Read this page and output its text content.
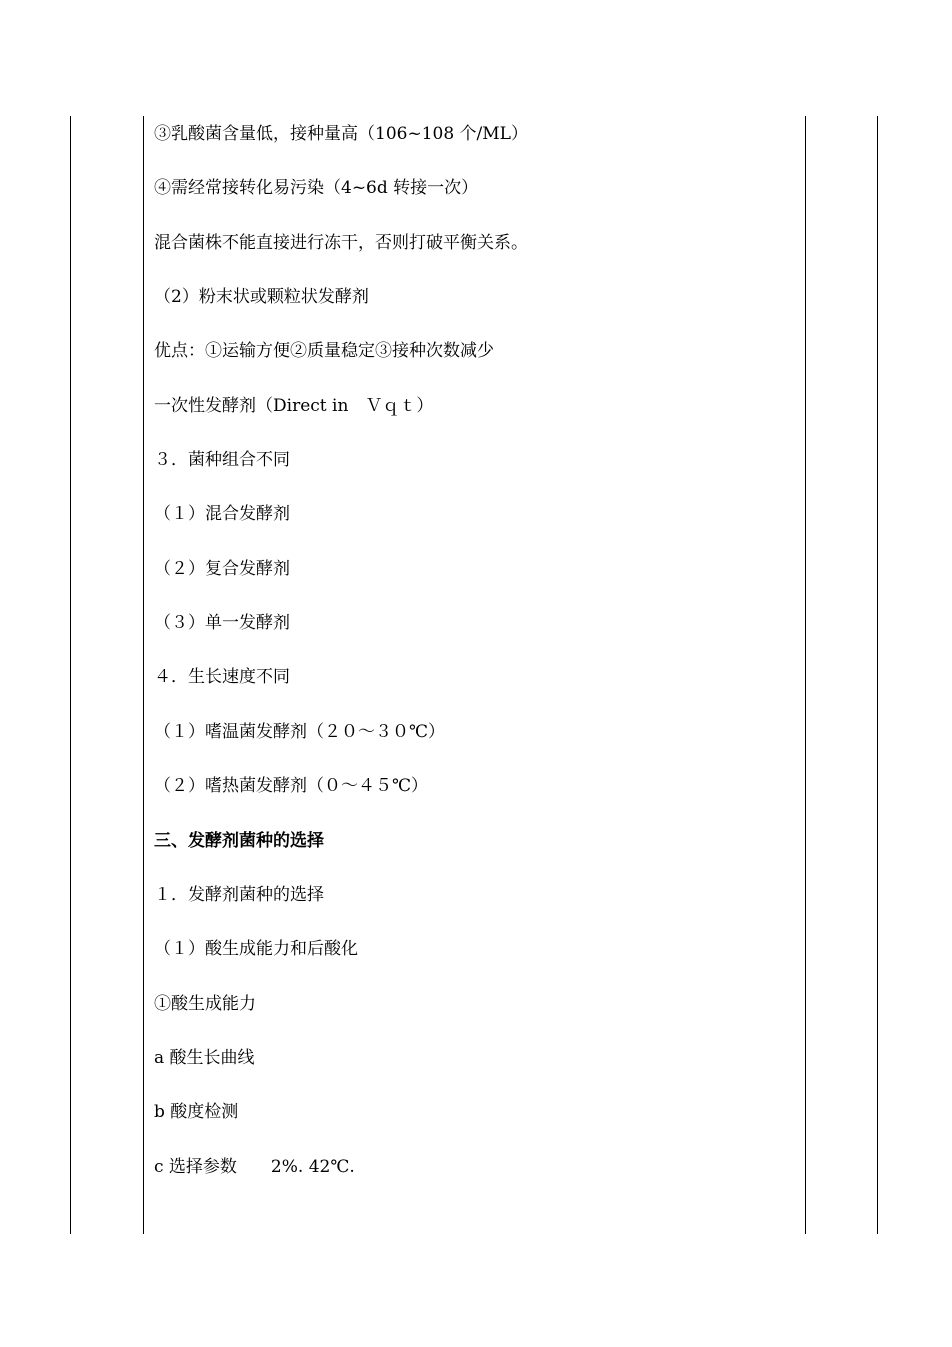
③乳酸菌含量低，接种量高（106~108 个/ML）
④需经常接转化易污染（4~6d 转接一次）
混合菌株不能直接进行冻干，否则打破平衡关系。
（2）粉末状或颗粒状发酵剂
优点：①运输方便②质量稳定③接种次数减少
一次性发酵剂（Direct in　Ｖｑｔ）
３．菌种组合不同
（１）混合发酵剂
（２）复合发酵剂
（３）单一发酵剂
４．生长速度不同
（１）嗜温菌发酵剂（２０～３０℃）
（２）嗜热菌发酵剂（０～４５℃）
三、发酵剂菌种的选择
１．发酵剂菌种的选择
（１）酸生成能力和后酸化
①酸生成能力
a 酸生长曲线
b 酸度检测
c 选择参数　　2%. 42℃.
